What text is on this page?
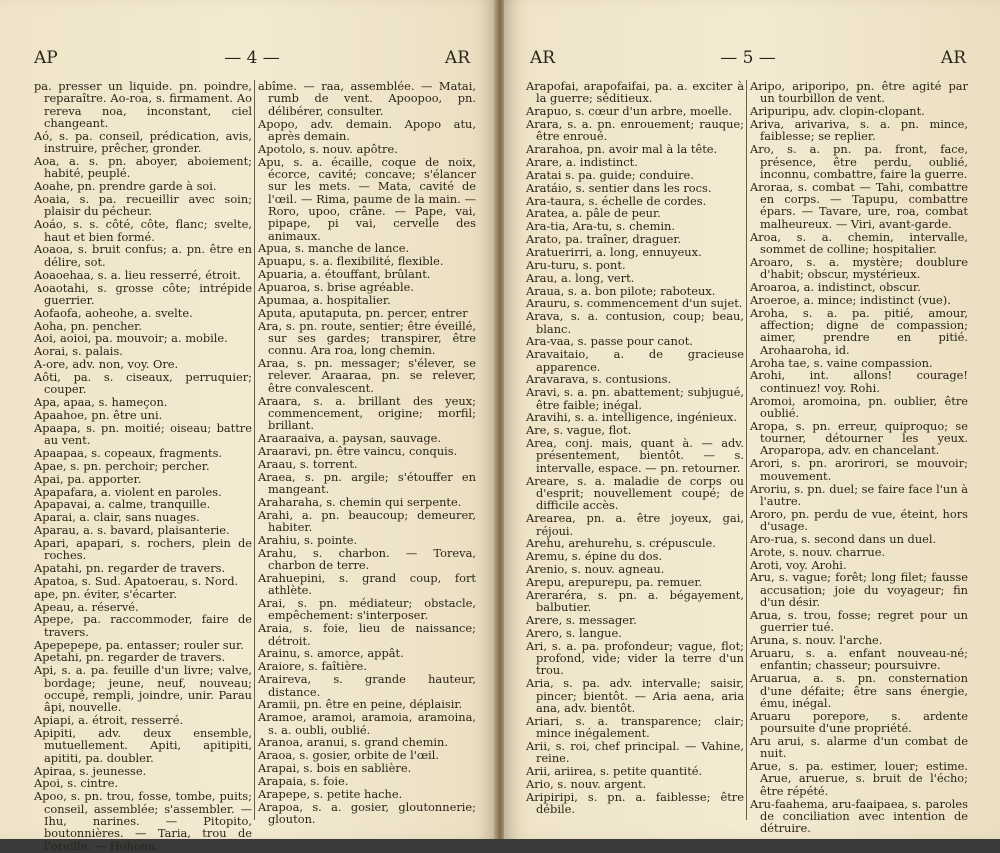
AP	— 4 —	AR
pa. presser un liquide. pn. poindre, reparaître. Ao-roa, s. firmament. Ao rereva noa, inconstant, ciel changeant.
Aó, s. pa. conseil, prédication, avis, instruire, prêcher, gronder.
Aoa, a. s. pn. aboyer, aboiement; habité, peuplé.
Aoahe, pn. prendre garde à soi.
Aoaia, s. pa. recueillir avec soin; plaisir du pécheur.
Aoáo, s. s. côté, côte, flanc; svelte, haut et bien formé.
Aoaoa, s. bruit confus; a. pn. être en délire, sot.
Aoaoehaa, s. a. lieu resserré, étroit.
Aoaotahi, s. grosse côte; intrépide guerrier.
Aofaofa, aoheohe, a. svelte.
Aoha, pn. pencher.
Aoi, aoioi, pa. mouvoir; a. mobile.
Aorai, s. palais.
A-ore, adv. non, voy. Ore.
Aôti, pa. s. ciseaux, perruquier; couper.
Apa, apaa, s. hameçon.
Apaahoe, pn. être uni.
Apaapa, s. pn. moitié; oiseau; battre au vent.
Apaapaa, s. copeaux, fragments.
Apae, s. pn. perchoir; percher.
Apai, pa. apporter.
Apapafara, a. violent en paroles.
Apapavai, a. calme, tranquille.
Aparai, a. clair, sans nuages.
Aparau, a. s. bavard, plaisanterie.
Apari, apapari, s. rochers, plein de roches.
Apatahi, pn. regarder de travers.
Apatoa, s. Sud. Apatoerau, s. Nord.
ape, pn. éviter, s'écarter.
Apeau, a. réservé.
Apepe, pa. raccommoder, faire de travers.
Apepepepe, pa. entasser; rouler sur.
Apetahi, pn. regarder de travers.
Api, s. a. pa. feuille d'un livre; valve, bordage; jeune, neuf, nouveau; occupé, rempli, joindre, unir. Parau âpi, nouvelle.
Apiapi, a. étroit, resserré.
Apipiti, adv. deux ensemble, mutuellement. Apiti, apitipiti, apititi, pa. doubler.
Apiraa, s. jeunesse.
Apoi, s. cintre.
Apoo, s. pn. trou, fosse, tombe, puits; conseil, assemblée; s'assembler. — Ihu, narines. — Pitopito, boutonnières. — Taria, trou de l'oreille. — Hohonu,
abîme. — raa, assemblée. — Matai, rumb de vent. Apoopoo, pn. délibérer, consulter.
Apopo, adv. demain. Apopo atu, après demain.
Apotolo, s. nouv. apôtre.
Apu, s. a. écaille, coque de noix, écorce, cavité; concave; s'élancer sur les mets. — Mata, cavité de l'œil. — Rima, paume de la main. — Roro, upoo, crâne. — Pape, vai, pipape, pi vai, cervelle des animaux.
Apua, s. manche de lance.
Apuapu, s. a. flexibilité, flexible.
Apuaria, a. étouffant, brûlant.
Apuaroa, s. brise agréable.
Apumaa, a. hospitalier.
Aputa, aputaputa, pn. percer, entrer
Ara, s. pn. route, sentier; être éveillé, sur ses gardes; transpirer, être connu. Ara roa, long chemin.
Araa, s. pn. messager; s'élever, se relever. Araaraa, pn. se relever, être convalescent.
Araara, s. a. brillant des yeux; commencement, origine; morfil; brillant.
Araaraaiva, a. paysan, sauvage.
Araaravi, pn. être vaincu, conquis.
Araau, s. torrent.
Araea, s. pn. argile; s'étouffer en mangeant.
Araharaha, s. chemin qui serpente.
Arahi, a. pn. beaucoup; demeurer, habiter.
Arahiu, s. pointe.
Arahu, s. charbon. — Toreva, charbon de terre.
Arahuepini, s. grand coup, fort athlète.
Arai, s. pn. médiateur; obstacle, empêchement: s'interposer.
Araia, s. foie, lieu de naissance; détroit.
Arainu, s. amorce, appât.
Araiore, s. faîtière.
Araireva, s. grande hauteur, distance.
Aramii, pn. être en peine, déplaisir.
Aramoe, aramoi, aramoia, aramoina, s. a. oubli, oublié.
Aranoa, aranui, s. grand chemin.
Araoa, s. gosier, orbite de l'œil.
Arapai, s. bois en sablière.
Arapaia, s. foie.
Arapepe, s. petite hache.
Arapoa, s. a. gosier, gloutonnerie; glouton.
AR	— 5 —	AR
Arapofai, arapofaifai, pa. a. exciter à la guerre; séditieux.
Arapuo, s. cœur d'un arbre, moelle.
Arara, s. a. pn. enrouement; rauque; être enroué.
Ararahoa, pn. avoir mal à la tête.
Arare, a. indistinct.
Aratai s. pa. guide; conduire.
Aratáio, s. sentier dans les rocs.
Ara-taura, s. échelle de cordes.
Aratea, a. pâle de peur.
Ara-tia, Ara-tu, s. chemin.
Arato, pa. traîner, draguer.
Aratuerirri, a. long, ennuyeux.
Aru-turu, s. pont.
Arau, a. long, vert.
Araua, s. a. bon pilote; raboteux.
Arauru, s. commencement d'un sujet.
Arava, s. a. contusion, coup; beau, blanc.
Ara-vaa, s. passe pour canot.
Aravaitaio, a. de gracieuse apparence.
Aravarava, s. contusions.
Aravi, s. a. pn. abattement; subjugué, être faible; inégal.
Aravihi, s. a. intelligence, ingénieux.
Are, s. vague, flot.
Area, conj. mais, quant à. — adv. présentement, bientôt. — s. intervalle, espace. — pn. retourner.
Areare, s. a. maladie de corps ou d'esprit; nouvellement coupé; de difficile accès.
Arearea, pn. a. être joyeux, gai, réjoui.
Arehu, arehurehu, s. crépuscule.
Aremu, s. épine du dos.
Arenio, s. nouv. agneau.
Arepu, arepurepu, pa. remuer.
Areraréra, s. pn. a. bégayement, balbutier.
Arere, s. messager.
Arero, s. langue.
Ari, s. a. pa. profondeur; vague, flot; profond, vide; vider la terre d'un trou.
Aria, s. pa. adv. intervalle; saisir, pincer; bientôt. — Aria aena, aria ana, adv. bientôt.
Ariari, s. a. transparence; clair; mince inégalement.
Arii, s. roi, chef principal. — Vahine, reine.
Arii, ariirea, s. petite quantité.
Ario, s. nouv. argent.
Aripiripi, s. pn. a. faiblesse; être débile.
Aripo, ariporipo, pn. être agité par un tourbillon de vent.
Aripuripu, adv. clopin-clopant.
Ariva, arivariva, s. a. pn. mince, faiblesse; se replier.
Aro, s. a. pn. pa. front, face, présence, être perdu, oublié, inconnu, combattre, faire la guerre.
Aroraa, s. combat — Tahi, combattre en corps. — Tapupu, combattre épars. — Tavare, ure, roa, combat malheureux. — Viri, avant-garde.
Aroa, s. a. chemin, intervalle, sommet de colline; hospitalier.
Aroaro, s. a. mystère; doublure d'habit; obscur, mystérieux.
Aroaroa, a. indistinct, obscur.
Aroeroe, a. mince; indistinct (vue).
Aroha, s. a. pa. pitié, amour, affection; digne de compassion; aimer, prendre en pitié. Arohaaroha, id.
Aroha tae, s. vaine compassion.
Arohi, int. allons! courage! continuez! voy. Rohi.
Aromoi, aromoina, pn. oublier, être oublié.
Aropa, s. pn. erreur, quiproquo; se tourner, détourner les yeux. Aroparopa, adv. en chancelant.
Arori, s. pn. arorirori, se mouvoir; mouvement.
Aroriu, s. pn. duel; se faire face l'un à l'autre.
Aroro, pn. perdu de vue, éteint, hors d'usage.
Aro-rua, s. second dans un duel.
Arote, s. nouv. charrue.
Aroti, voy. Arohi.
Aru, s. vague; forêt; long filet; fausse accusation; joie du voyageur; fin d'un désir.
Arua, s. trou, fosse; regret pour un guerrier tué.
Aruna, s. nouv. l'arche.
Aruaru, s. a. enfant nouveau-né; enfantin; chasseur; poursuivre.
Aruarua, a. s. pn. consternation d'une défaite; être sans énergie, ému, inégal.
Aruaru porepore, s. ardente poursuite d'une propriété.
Aru arui, s. alarme d'un combat de nuit.
Arue, s. pa. estimer, louer; estime. Arue, aruerue, s. bruit de l'écho; être répété.
Aru-faahema, aru-faaipaea, s. paroles de conciliation avec intention de détruire.
